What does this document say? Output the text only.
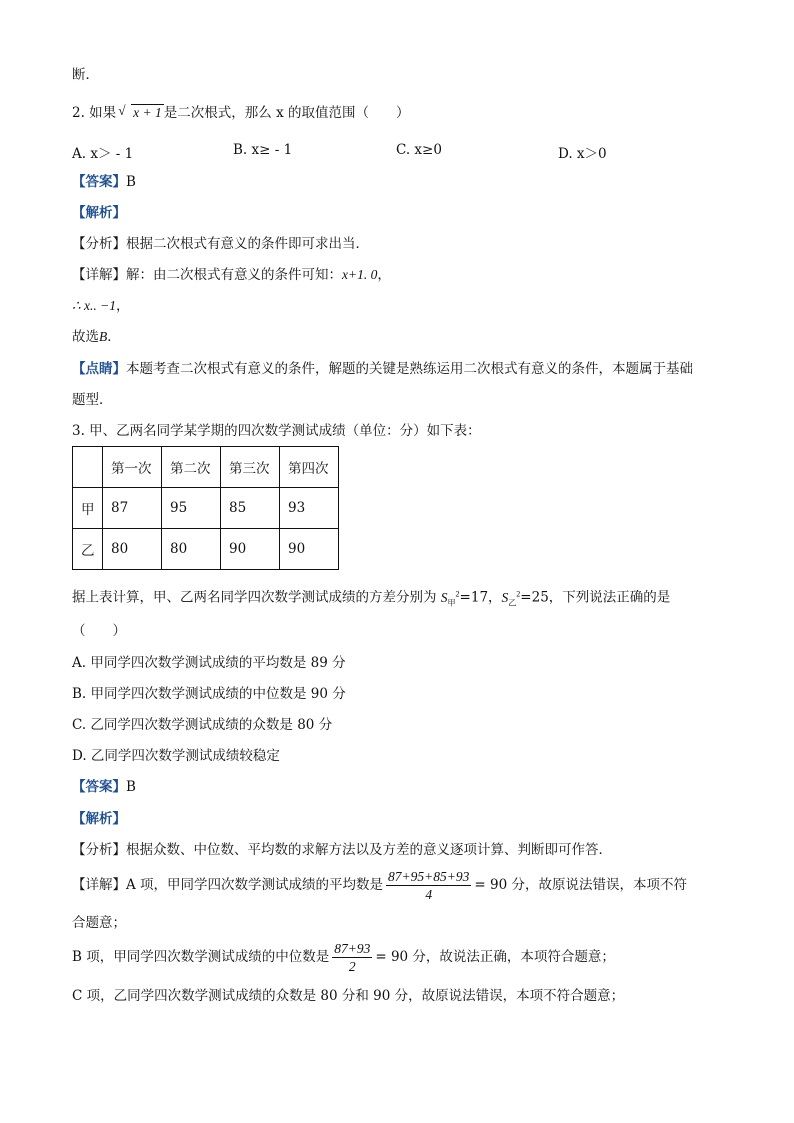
断．
2. 如果 √ x + 1 是二次根式，那么 x 的取值范围（　　）
A. x＞ - 1	B. x≥ - 1	C. x≥0	D. x＞0
【答案】B
【解析】
【分析】根据二次根式有意义的条件即可求出当．
【详解】解：由二次根式有意义的条件可知：x+1. 0，
∴ x.. −1，
故选B．
【点睛】本题考查二次根式有意义的条件，解题的关键是熟练运用二次根式有意义的条件，本题属于基础
题型．
3. 甲、乙两名同学某学期的四次数学测试成绩（单位：分）如下表：
	第一次	第二次	第三次	第四次
甲	87	95	85	93
乙	80	80	90	90
据上表计算，甲、乙两名同学四次数学测试成绩的方差分别为 $S_甲^2=17$，$S_乙^2=25$，下列说法正确的是
（　　）
A. 甲同学四次数学测试成绩的平均数是 89 分
B. 甲同学四次数学测试成绩的中位数是 90 分
C. 乙同学四次数学测试成绩的众数是 80 分
D. 乙同学四次数学测试成绩较稳定
【答案】B
【解析】
【分析】根据众数、中位数、平均数的求解方法以及方差的意义逐项计算、判断即可作答．
【详解】A 项，甲同学四次数学测试成绩的平均数是 $\frac{87+95+85+93}{4} = 90$ 分，故原说法错误，本项不符
合题意；
B 项，甲同学四次数学测试成绩的中位数是 $\frac{87+93}{2} = 90$ 分，故说法正确，本项符合题意；
C 项，乙同学四次数学测试成绩的众数是 80 分和 90 分，故原说法错误，本项不符合题意；
